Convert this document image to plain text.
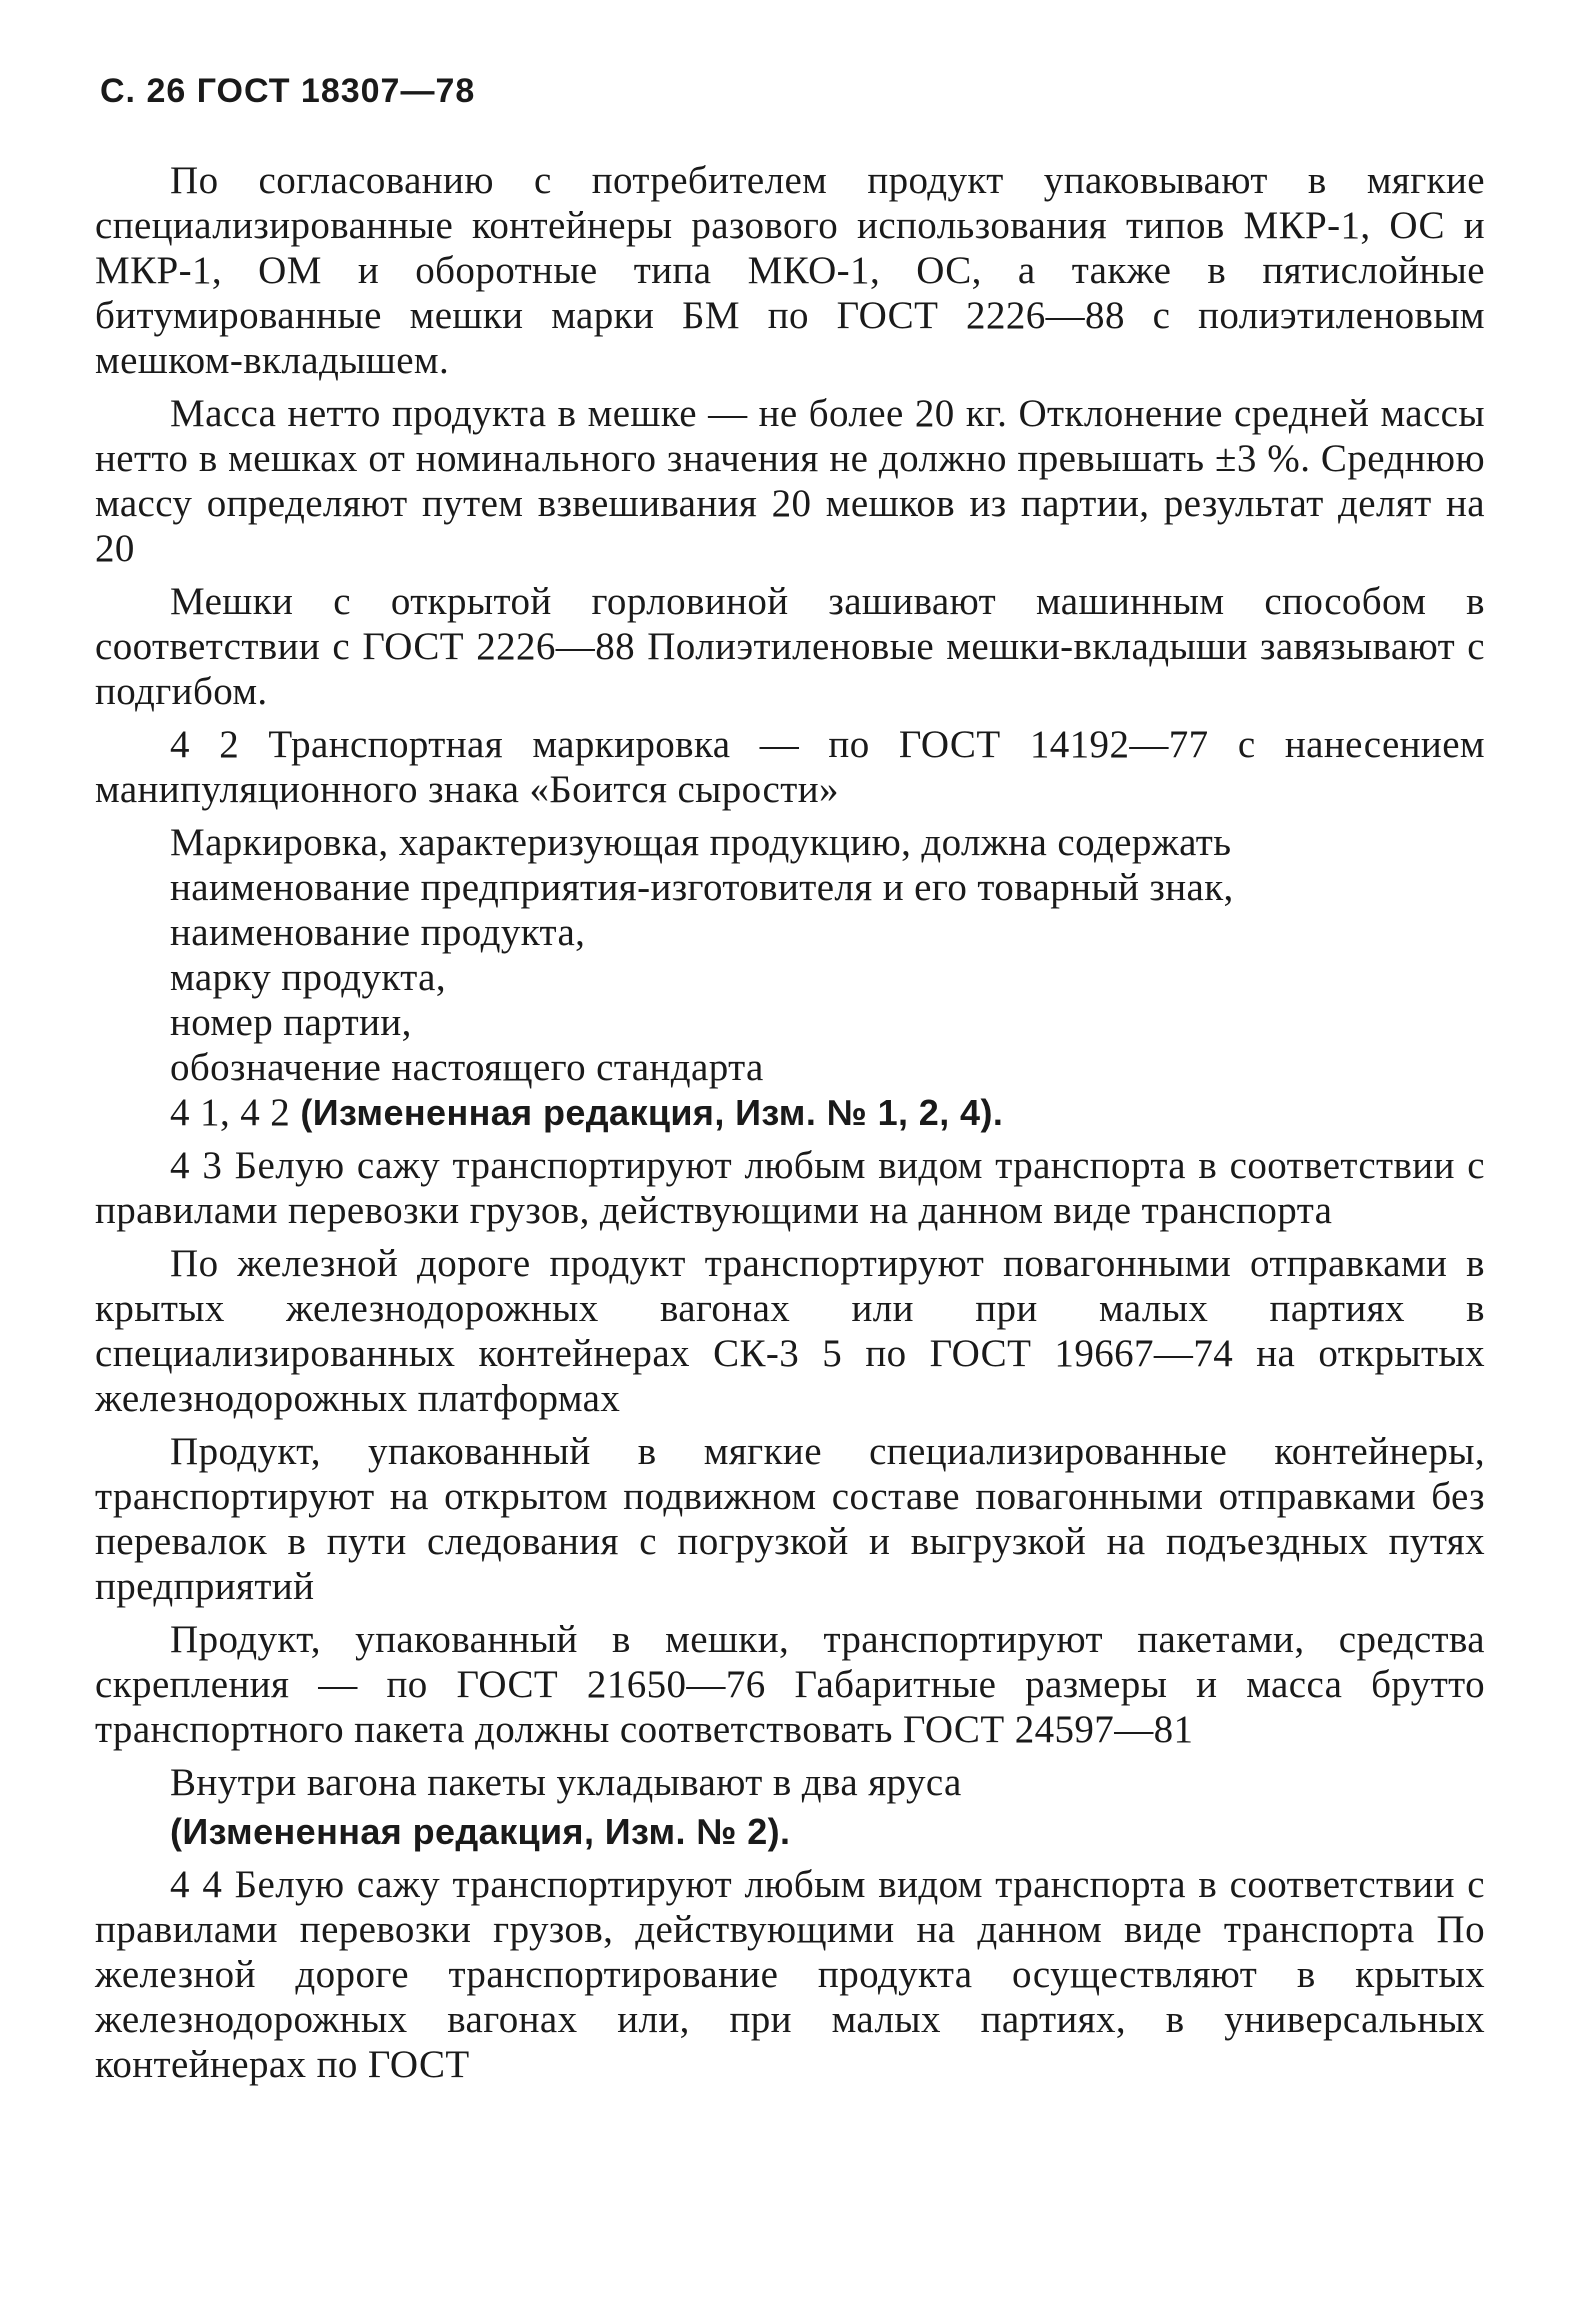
С. 26 ГОСТ 18307—78

По согласованию с потребителем продукт упаковывают в мягкие специализированные контейнеры разового использования типов МКР-1, ОС и МКР-1, ОМ и оборотные типа МКО-1, ОС, а также в пятислойные битумированные мешки марки БМ по ГОСТ 2226—88 с полиэтиленовым мешком-вкладышем.

Масса нетто продукта в мешке — не более 20 кг. Отклонение средней массы нетто в мешках от номинального значения не должно превышать ±3 %. Среднюю массу определяют путем взвешивания 20 мешков из партии, результат делят на 20

Мешки с открытой горловиной зашивают машинным способом в соответствии с ГОСТ 2226—88 Полиэтиленовые мешки-вкладыши завязывают с подгибом.

4 2 Транспортная маркировка — по ГОСТ 14192—77 с нанесением манипуляционного знака «Боится сырости»

Маркировка, характеризующая продукцию, должна содержать
наименование предприятия-изготовителя и его товарный знак,
наименование продукта,
марку продукта,
номер партии,
обозначение настоящего стандарта
4 1, 4 2 (Измененная редакция, Изм. № 1, 2, 4).

4 3 Белую сажу транспортируют любым видом транспорта в соответствии с правилами перевозки грузов, действующими на данном виде транспорта

По железной дороге продукт транспортируют повагонными отправками в крытых железнодорожных вагонах или при малых партиях в специализированных контейнерах СК-3 5 по ГОСТ 19667—74 на открытых железнодорожных платформах

Продукт, упакованный в мягкие специализированные контейнеры, транспортируют на открытом подвижном составе повагонными отправками без перевалок в пути следования с погрузкой и выгрузкой на подъездных путях предприятий

Продукт, упакованный в мешки, транспортируют пакетами, средства скрепления — по ГОСТ 21650—76 Габаритные размеры и масса брутто транспортного пакета должны соответствовать ГОСТ 24597—81

Внутри вагона пакеты укладывают в два яруса

(Измененная редакция, Изм. № 2).

4 4 Белую сажу транспортируют любым видом транспорта в соответствии с правилами перевозки грузов, действующими на данном виде транспорта По железной дороге транспортирование продукта осуществляют в крытых железнодорожных вагонах или, при малых партиях, в универсальных контейнерах по ГОСТ
